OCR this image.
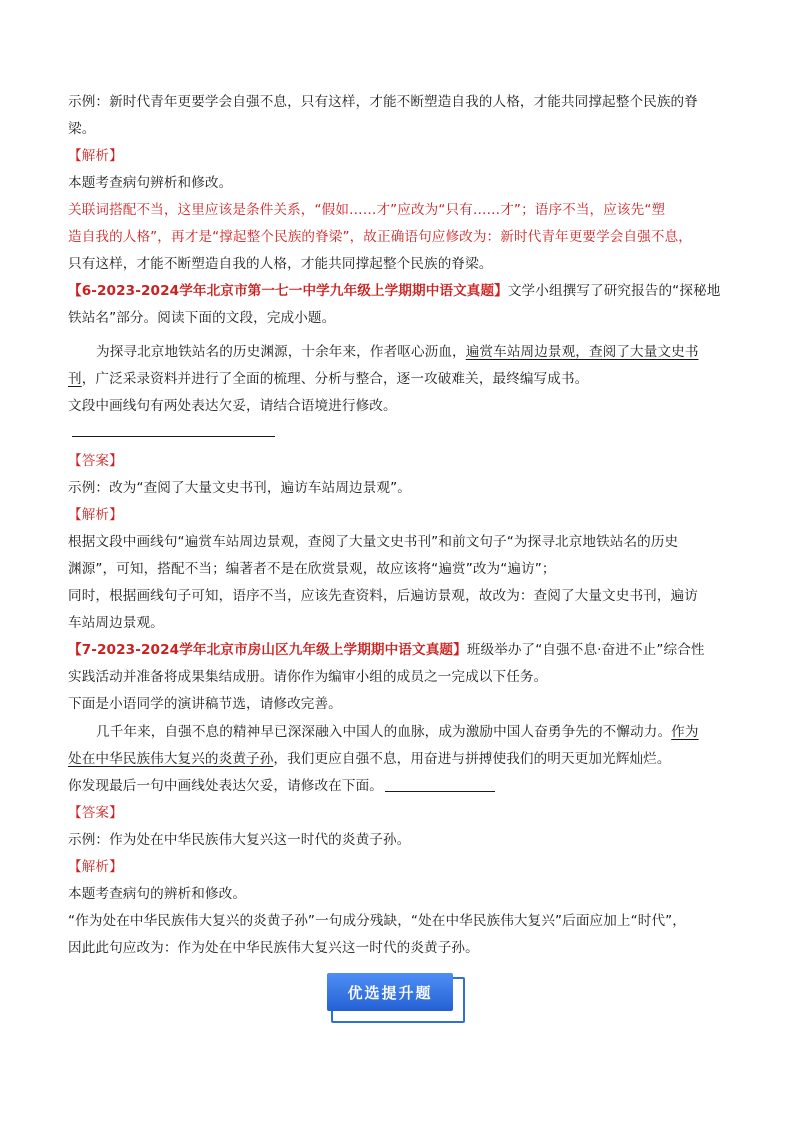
示例：新时代青年更要学会自强不息，只有这样，才能不断塑造自我的人格，才能共同撑起整个民族的脊
梁。
【解析】
本题考查病句辨析和修改。
关联词搭配不当，这里应该是条件关系，“假如……才”应改为“只有……才”；语序不当，应该先“塑
造自我的人格”，再才是“撑起整个民族的脊梁”，故正确语句应修改为：新时代青年更要学会自强不息，
只有这样，才能不断塑造自我的人格，才能共同撑起整个民族的脊梁。
【6-2023-2024学年北京市第一七一中学九年级上学期期中语文真题】文学小组撰写了研究报告的“探秘地
铁站名”部分。阅读下面的文段，完成小题。
为探寻北京地铁站名的历史渊源，十余年来，作者呕心沥血，遍赏车站周边景观，查阅了大量文史书
刊，广泛采录资料并进行了全面的梳理、分析与整合，逐一攻破难关，最终编写成书。
文段中画线句有两处表达欠妥，请结合语境进行修改。
【答案】
示例：改为“查阅了大量文史书刊，遍访车站周边景观”。
【解析】
根据文段中画线句“遍赏车站周边景观，查阅了大量文史书刊”和前文句子“为探寻北京地铁站名的历史
渊源”，可知，搭配不当；编著者不是在欣赏景观，故应该将“遍赏”改为“遍访”；
同时，根据画线句子可知，语序不当，应该先查资料，后遍访景观，故改为：查阅了大量文史书刊，遍访
车站周边景观。
【7-2023-2024学年北京市房山区九年级上学期期中语文真题】班级举办了“自强不息·奋进不止”综合性
实践活动并准备将成果集结成册。请你作为编审小组的成员之一完成以下任务。
下面是小语同学的演讲稿节选，请修改完善。
几千年来，自强不息的精神早已深深融入中国人的血脉，成为激励中国人奋勇争先的不懈动力。作为
处在中华民族伟大复兴的炎黄子孙，我们更应自强不息，用奋进与拼搏使我们的明天更加光辉灿烂。
你发现最后一句中画线处表达欠妥，请修改在下面。
【答案】
示例：作为处在中华民族伟大复兴这一时代的炎黄子孙。
【解析】
本题考查病句的辨析和修改。
“作为处在中华民族伟大复兴的炎黄子孙”一句成分残缺，“处在中华民族伟大复兴”后面应加上“时代”，
因此此句应改为：作为处在中华民族伟大复兴这一时代的炎黄子孙。
优选提升题
